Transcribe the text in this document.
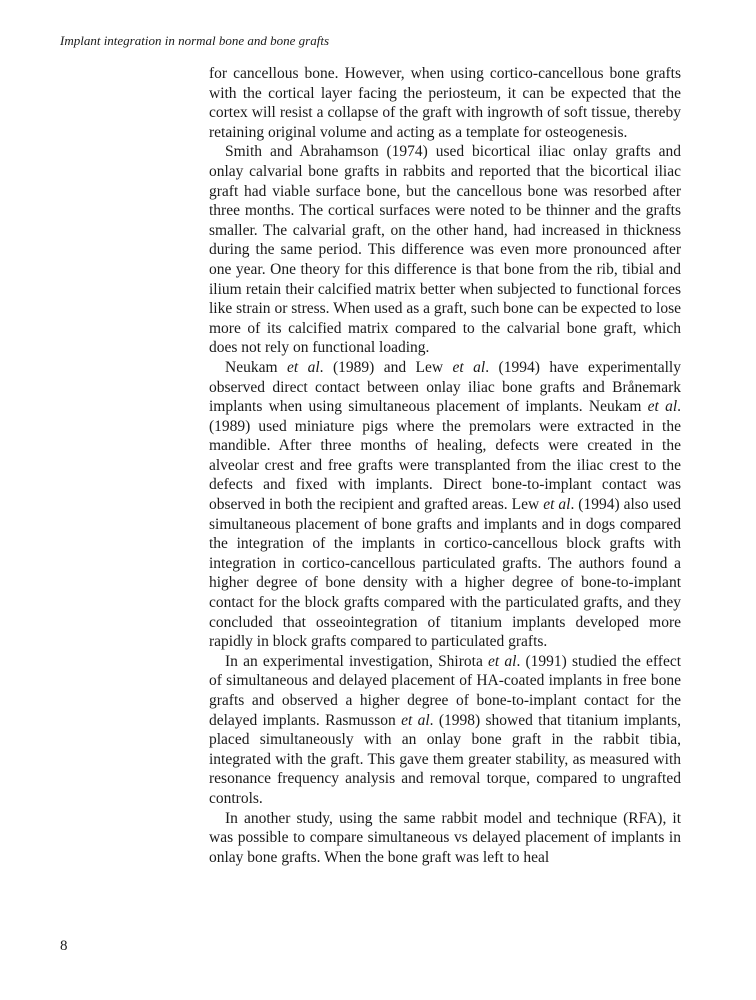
Implant integration in normal bone and bone grafts

for cancellous bone. However, when using cortico-cancellous bone grafts with the cortical layer facing the periosteum, it can be expected that the cortex will resist a collapse of the graft with ingrowth of soft tissue, thereby retaining original volume and acting as a template for osteogenesis.

Smith and Abrahamson (1974) used bicortical iliac onlay grafts and onlay calvarial bone grafts in rabbits and reported that the bicortical iliac graft had viable surface bone, but the cancellous bone was resorbed after three months. The cortical surfaces were noted to be thinner and the grafts smaller. The calvarial graft, on the other hand, had increased in thickness during the same period. This difference was even more pronounced after one year. One theory for this difference is that bone from the rib, tibial and ilium retain their calcified matrix better when subjected to functional forces like strain or stress. When used as a graft, such bone can be expected to lose more of its calcified matrix compared to the calvarial bone graft, which does not rely on functional loading.

Neukam et al. (1989) and Lew et al. (1994) have experimentally observed direct contact between onlay iliac bone grafts and Brånemark implants when using simultaneous placement of implants. Neukam et al. (1989) used miniature pigs where the premolars were extracted in the mandible. After three months of healing, defects were created in the alveolar crest and free grafts were transplanted from the iliac crest to the defects and fixed with implants. Direct bone-to-implant contact was observed in both the recipient and grafted areas. Lew et al. (1994) also used simultaneous placement of bone grafts and implants and in dogs compared the integration of the implants in cortico-cancellous block grafts with integration in cortico-cancellous particulated grafts. The authors found a higher degree of bone density with a higher degree of bone-to-implant contact for the block grafts compared with the particulated grafts, and they concluded that osseointegration of titanium implants developed more rapidly in block grafts compared to particulated grafts.

In an experimental investigation, Shirota et al. (1991) studied the effect of simultaneous and delayed placement of HA-coated implants in free bone grafts and observed a higher degree of bone-to-implant contact for the delayed implants. Rasmusson et al. (1998) showed that titanium implants, placed simultaneously with an onlay bone graft in the rabbit tibia, integrated with the graft. This gave them greater stability, as measured with resonance frequency analysis and removal torque, compared to ungrafted controls.

In another study, using the same rabbit model and technique (RFA), it was possible to compare simultaneous vs delayed placement of implants in onlay bone grafts. When the bone graft was left to heal

8
